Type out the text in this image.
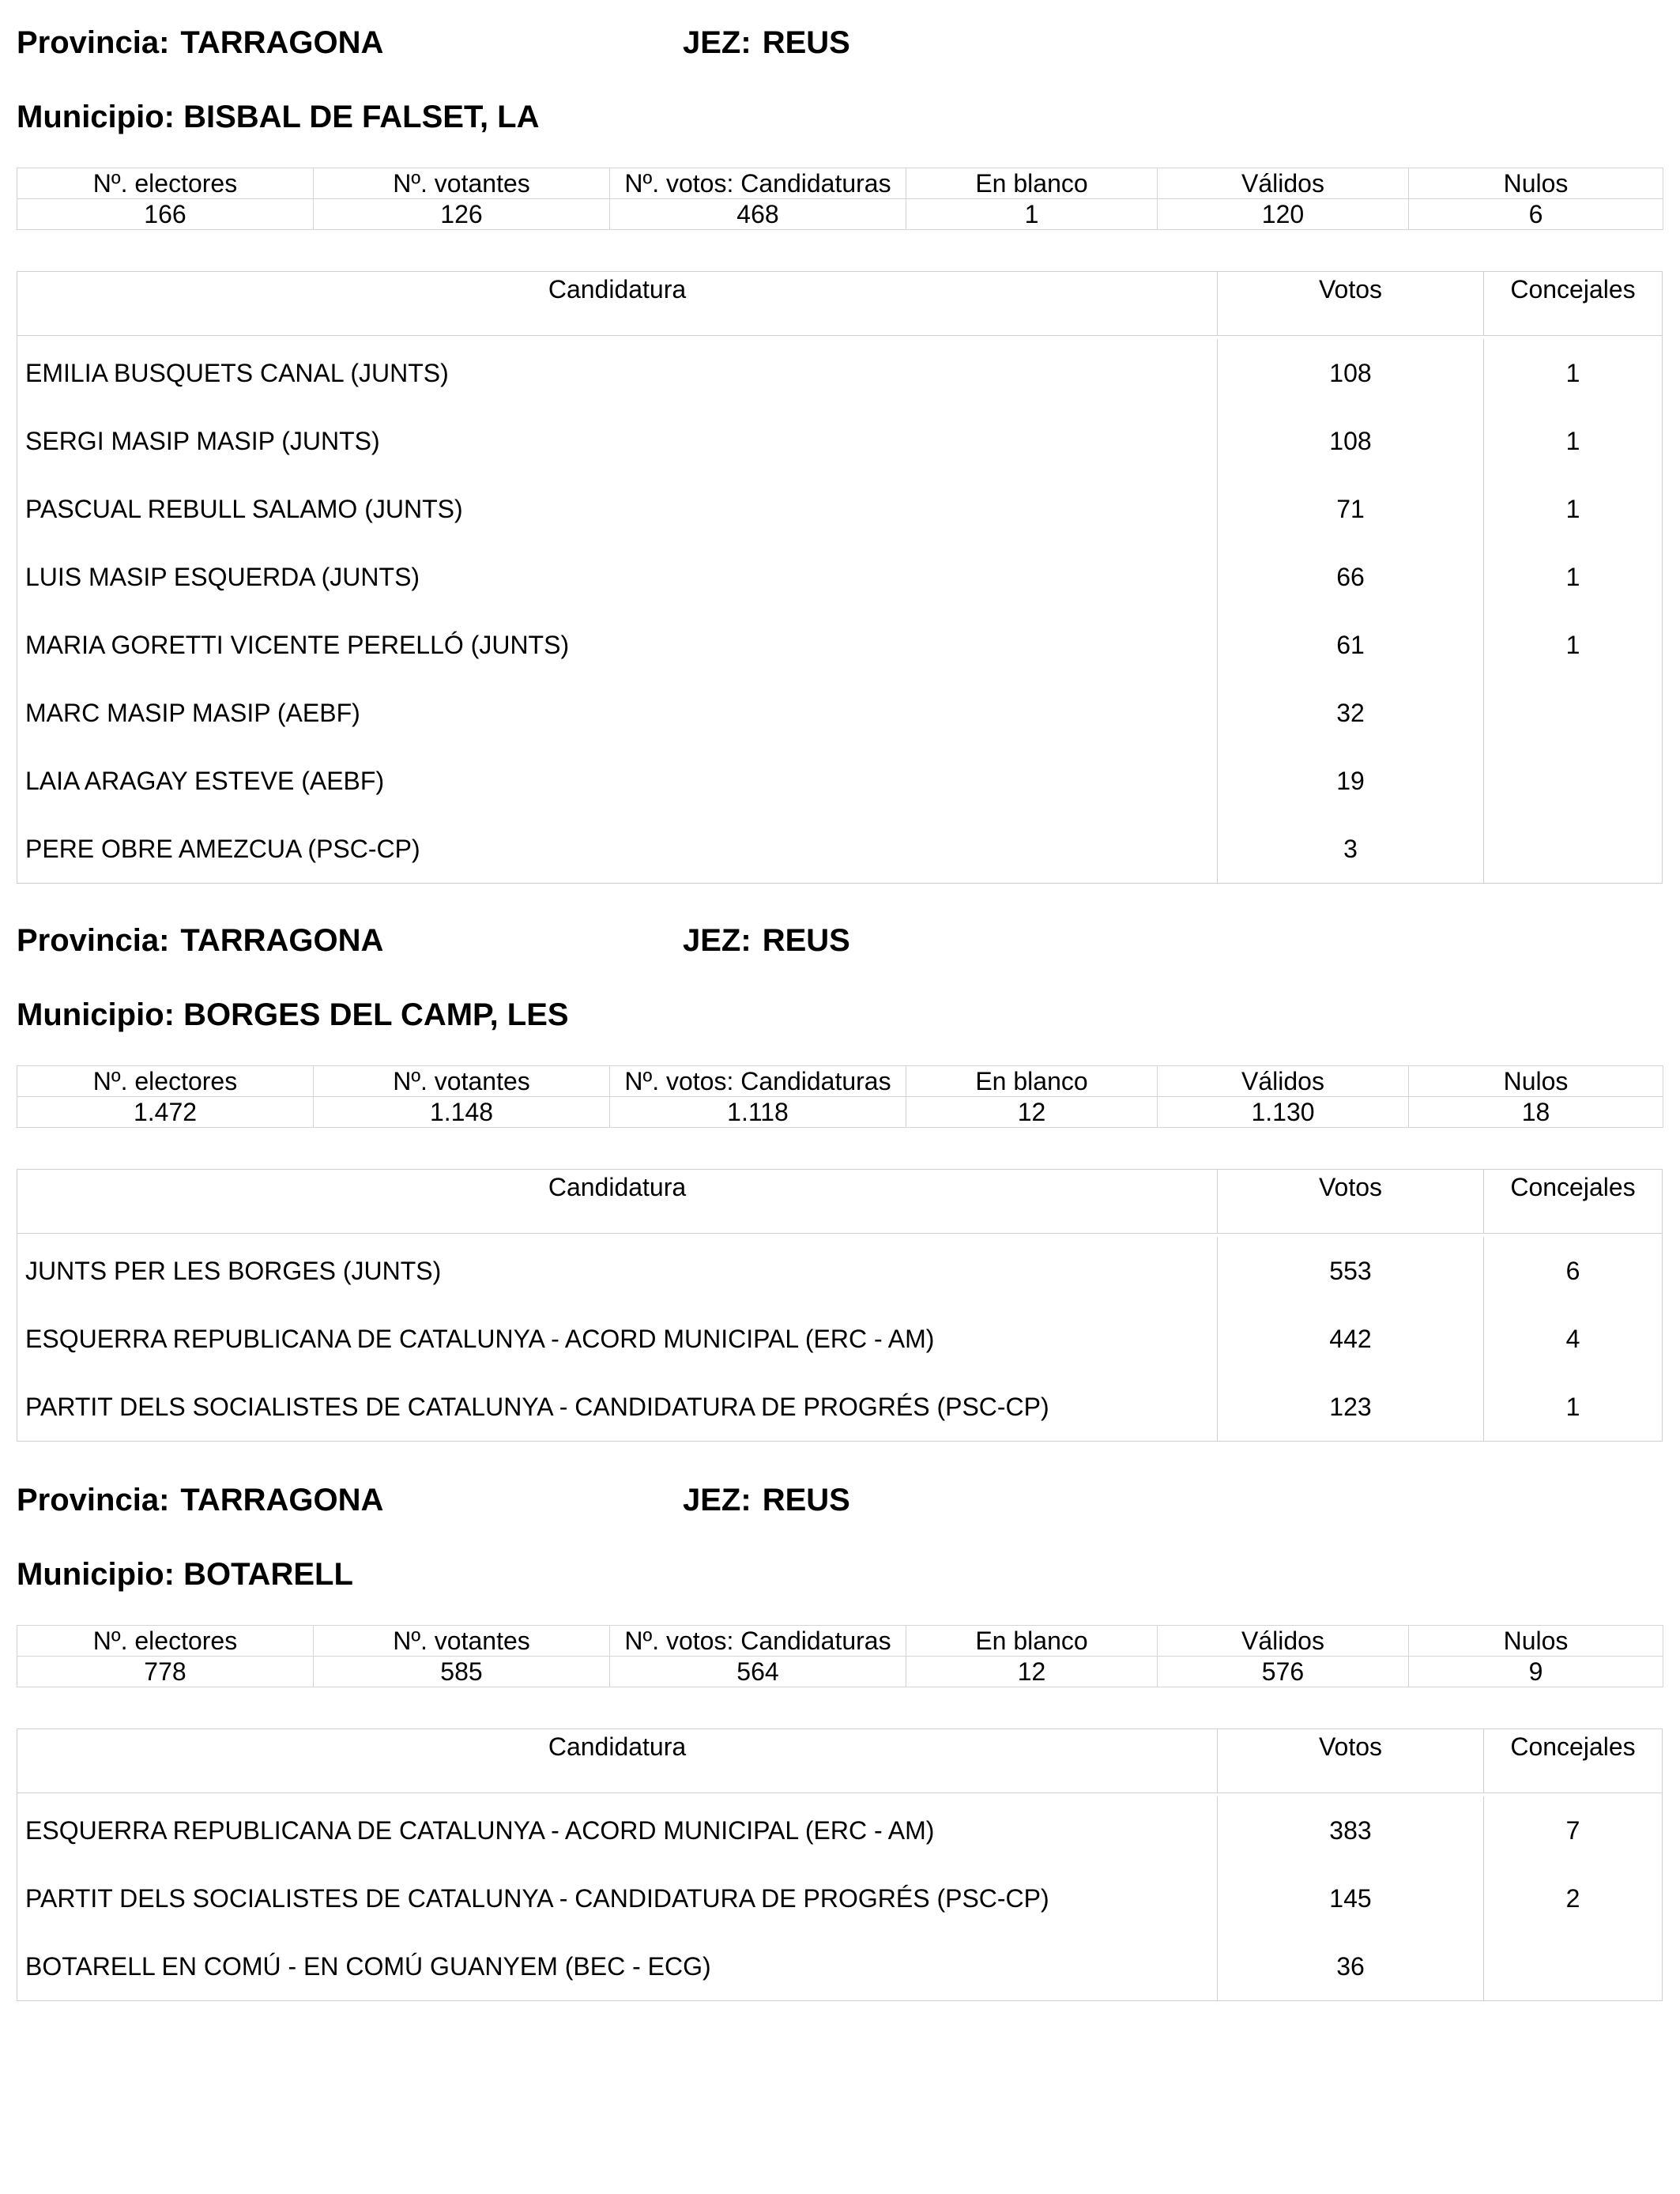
Provincia: TARRAGONA	JEZ: REUS
Municipio: BISBAL DE FALSET, LA
Nº. electores	Nº. votantes	Nº. votos: Candidaturas	En blanco	Válidos	Nulos
166	126	468	1	120	6
Candidatura	Votos	Concejales
EMILIA BUSQUETS CANAL (JUNTS)	108	1
SERGI MASIP MASIP (JUNTS)	108	1
PASCUAL REBULL SALAMO (JUNTS)	71	1
LUIS MASIP ESQUERDA (JUNTS)	66	1
MARIA GORETTI VICENTE PERELLÓ (JUNTS)	61	1
MARC MASIP MASIP (AEBF)	32
LAIA ARAGAY ESTEVE (AEBF)	19
PERE OBRE AMEZCUA (PSC-CP)	3
Provincia: TARRAGONA	JEZ: REUS
Municipio: BORGES DEL CAMP, LES
Nº. electores	Nº. votantes	Nº. votos: Candidaturas	En blanco	Válidos	Nulos
1.472	1.148	1.118	12	1.130	18
Candidatura	Votos	Concejales
JUNTS PER LES BORGES (JUNTS)	553	6
ESQUERRA REPUBLICANA DE CATALUNYA - ACORD MUNICIPAL (ERC - AM)	442	4
PARTIT DELS SOCIALISTES DE CATALUNYA - CANDIDATURA DE PROGRÉS (PSC-CP)	123	1
Provincia: TARRAGONA	JEZ: REUS
Municipio: BOTARELL
Nº. electores	Nº. votantes	Nº. votos: Candidaturas	En blanco	Válidos	Nulos
778	585	564	12	576	9
Candidatura	Votos	Concejales
ESQUERRA REPUBLICANA DE CATALUNYA - ACORD MUNICIPAL (ERC - AM)	383	7
PARTIT DELS SOCIALISTES DE CATALUNYA - CANDIDATURA DE PROGRÉS (PSC-CP)	145	2
BOTARELL EN COMÚ - EN COMÚ GUANYEM (BEC - ECG)	36
